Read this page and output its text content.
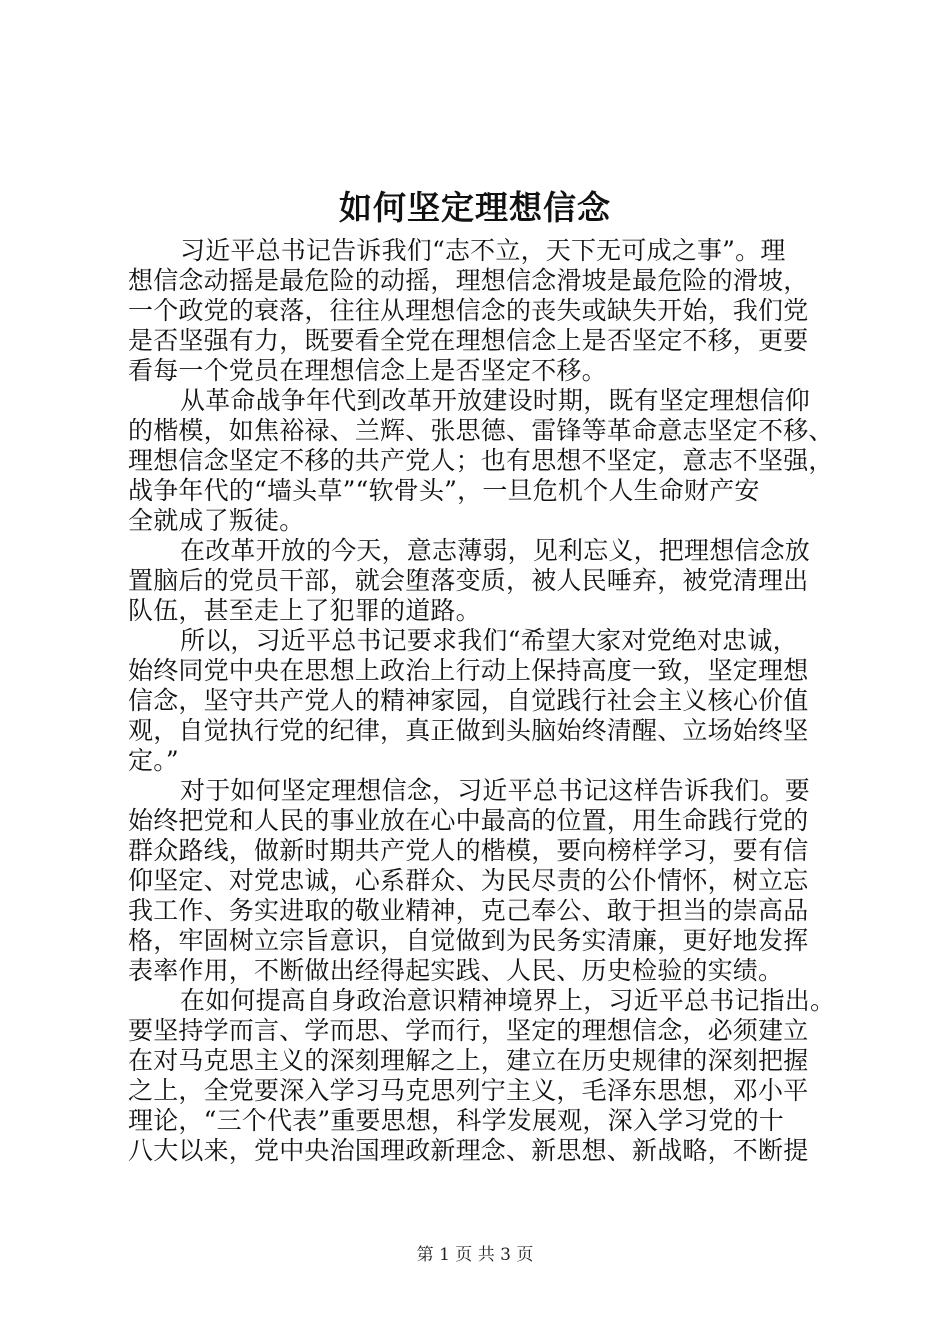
如何坚定理想信念
习近平总书记告诉我们“志不立，天下无可成之事”。理
想信念动摇是最危险的动摇，理想信念滑坡是最危险的滑坡，
一个政党的衰落，往往从理想信念的丧失或缺失开始，我们党
是否坚强有力，既要看全党在理想信念上是否坚定不移，更要
看每一个党员在理想信念上是否坚定不移。
从革命战争年代到改革开放建设时期，既有坚定理想信仰
的楷模，如焦裕禄、兰辉、张思德、雷锋等革命意志坚定不移、
理想信念坚定不移的共产党人；也有思想不坚定，意志不坚强，
战争年代的“墙头草”“软骨头”，一旦危机个人生命财产安
全就成了叛徒。
在改革开放的今天，意志薄弱，见利忘义，把理想信念放
置脑后的党员干部，就会堕落变质，被人民唾弃，被党清理出
队伍，甚至走上了犯罪的道路。
所以，习近平总书记要求我们“希望大家对党绝对忠诚，
始终同党中央在思想上政治上行动上保持高度一致，坚定理想
信念，坚守共产党人的精神家园，自觉践行社会主义核心价值
观，自觉执行党的纪律，真正做到头脑始终清醒、立场始终坚
定。”
对于如何坚定理想信念，习近平总书记这样告诉我们。要
始终把党和人民的事业放在心中最高的位置，用生命践行党的
群众路线，做新时期共产党人的楷模，要向榜样学习，要有信
仰坚定、对党忠诚，心系群众、为民尽责的公仆情怀，树立忘
我工作、务实进取的敬业精神，克己奉公、敢于担当的崇高品
格，牢固树立宗旨意识，自觉做到为民务实清廉，更好地发挥
表率作用，不断做出经得起实践、人民、历史检验的实绩。
在如何提高自身政治意识精神境界上，习近平总书记指出。
要坚持学而言、学而思、学而行，坚定的理想信念，必须建立
在对马克思主义的深刻理解之上，建立在历史规律的深刻把握
之上，全党要深入学习马克思列宁主义，毛泽东思想，邓小平
理论，“三个代表”重要思想，科学发展观，深入学习党的十
八大以来，党中央治国理政新理念、新思想、新战略，不断提
第 1 页 共 3 页
